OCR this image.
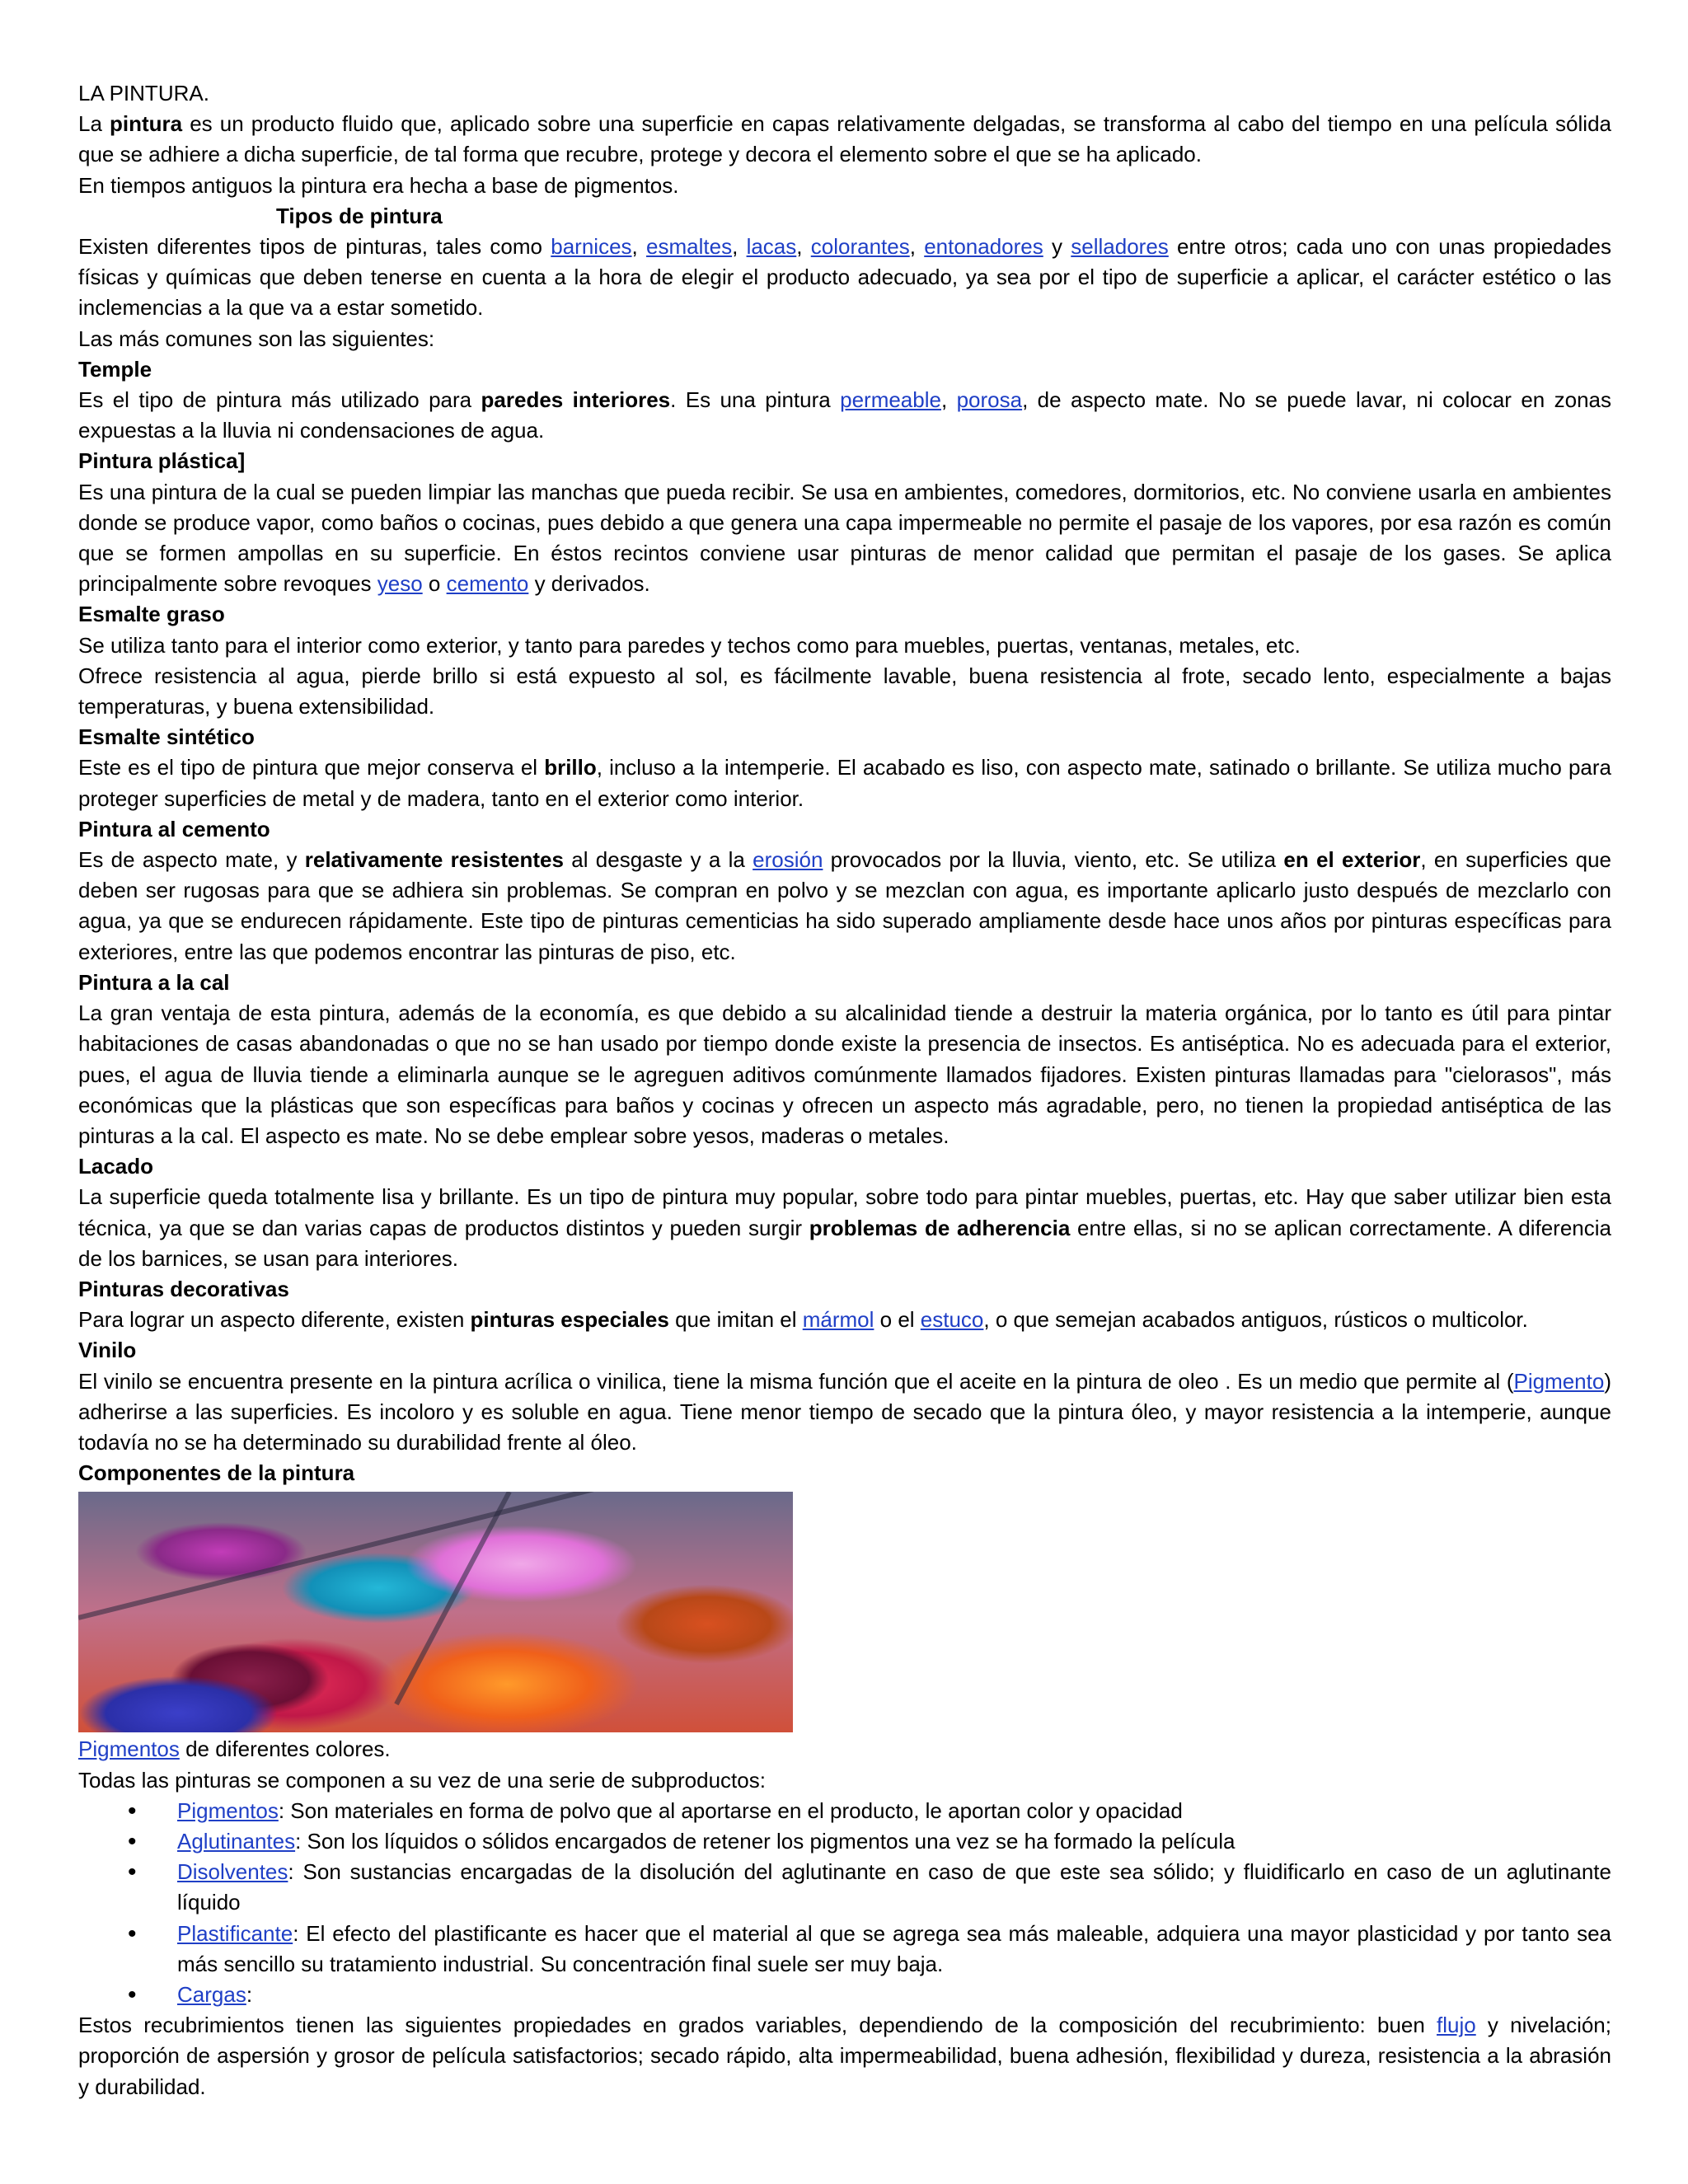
LA PINTURA.

La pintura es un producto fluido que, aplicado sobre una superficie en capas relativamente delgadas, se transforma al cabo del tiempo en una película sólida que se adhiere a dicha superficie, de tal forma que recubre, protege y decora el elemento sobre el que se ha aplicado.

En tiempos antiguos la pintura era hecha a base de pigmentos.

Tipos de pintura

Existen diferentes tipos de pinturas, tales como barnices, esmaltes, lacas, colorantes, entonadores y selladores entre otros; cada uno con unas propiedades físicas y químicas que deben tenerse en cuenta a la hora de elegir el producto adecuado, ya sea por el tipo de superficie a aplicar, el carácter estético o las inclemencias a la que va a estar sometido.

Las más comunes son las siguientes:

Temple

Es el tipo de pintura más utilizado para paredes interiores. Es una pintura permeable, porosa, de aspecto mate. No se puede lavar, ni colocar en zonas expuestas a la lluvia ni condensaciones de agua.

Pintura plástica]

Es una pintura de la cual se pueden limpiar las manchas que pueda recibir. Se usa en ambientes, comedores, dormitorios, etc. No conviene usarla en ambientes donde se produce vapor, como baños o cocinas, pues debido a que genera una capa impermeable no permite el pasaje de los vapores, por esa razón es común que se formen ampollas en su superficie. En éstos recintos conviene usar pinturas de menor calidad que permitan el pasaje de los gases. Se aplica principalmente sobre revoques yeso o cemento y derivados.

Esmalte graso

Se utiliza tanto para el interior como exterior, y tanto para paredes y techos como para muebles, puertas, ventanas, metales, etc.

Ofrece resistencia al agua, pierde brillo si está expuesto al sol, es fácilmente lavable, buena resistencia al frote, secado lento, especialmente a bajas temperaturas, y buena extensibilidad.

Esmalte sintético

Este es el tipo de pintura que mejor conserva el brillo, incluso a la intemperie. El acabado es liso, con aspecto mate, satinado o brillante. Se utiliza mucho para proteger superficies de metal y de madera, tanto en el exterior como interior.

Pintura al cemento

Es de aspecto mate, y relativamente resistentes al desgaste y a la erosión provocados por la lluvia, viento, etc. Se utiliza en el exterior, en superficies que deben ser rugosas para que se adhiera sin problemas. Se compran en polvo y se mezclan con agua, es importante aplicarlo justo después de mezclarlo con agua, ya que se endurecen rápidamente. Este tipo de pinturas cementicias ha sido superado ampliamente desde hace unos años por pinturas específicas para exteriores, entre las que podemos encontrar las pinturas de piso, etc.

Pintura a la cal

La gran ventaja de esta pintura, además de la economía, es que debido a su alcalinidad tiende a destruir la materia orgánica, por lo tanto es útil para pintar habitaciones de casas abandonadas o que no se han usado por tiempo donde existe la presencia de insectos. Es antiséptica. No es adecuada para el exterior, pues, el agua de lluvia tiende a eliminarla aunque se le agreguen aditivos comúnmente llamados fijadores. Existen pinturas llamadas para "cielorasos", más económicas que la plásticas que son específicas para baños y cocinas y ofrecen un aspecto más agradable, pero, no tienen la propiedad antiséptica de las pinturas a la cal. El aspecto es mate. No se debe emplear sobre yesos, maderas o metales.

Lacado

La superficie queda totalmente lisa y brillante. Es un tipo de pintura muy popular, sobre todo para pintar muebles, puertas, etc. Hay que saber utilizar bien esta técnica, ya que se dan varias capas de productos distintos y pueden surgir problemas de adherencia entre ellas, si no se aplican correctamente. A diferencia de los barnices, se usan para interiores.

Pinturas decorativas

Para lograr un aspecto diferente, existen pinturas especiales que imitan el mármol o el estuco, o que semejan acabados antiguos, rústicos o multicolor.

Vinilo

El vinilo se encuentra presente en la pintura acrílica o vinilica, tiene la misma función que el aceite en la pintura de oleo . Es un medio que permite al (Pigmento) adherirse a las superficies. Es incoloro y es soluble en agua. Tiene menor tiempo de secado que la pintura óleo, y mayor resistencia a la intemperie, aunque todavía no se ha determinado su durabilidad frente al óleo.

Componentes de la pintura

Pigmentos de diferentes colores.

Todas las pinturas se componen a su vez de una serie de subproductos:

• Pigmentos: Son materiales en forma de polvo que al aportarse en el producto, le aportan color y opacidad
• Aglutinantes: Son los líquidos o sólidos encargados de retener los pigmentos una vez se ha formado la película
• Disolventes: Son sustancias encargadas de la disolución del aglutinante en caso de que este sea sólido; y fluidificarlo en caso de un aglutinante líquido
• Plastificante: El efecto del plastificante es hacer que el material al que se agrega sea más maleable, adquiera una mayor plasticidad y por tanto sea más sencillo su tratamiento industrial. Su concentración final suele ser muy baja.
• Cargas:

Estos recubrimientos tienen las siguientes propiedades en grados variables, dependiendo de la composición del recubrimiento: buen flujo y nivelación; proporción de aspersión y grosor de película satisfactorios; secado rápido, alta impermeabilidad, buena adhesión, flexibilidad y dureza, resistencia a la abrasión y durabilidad.
